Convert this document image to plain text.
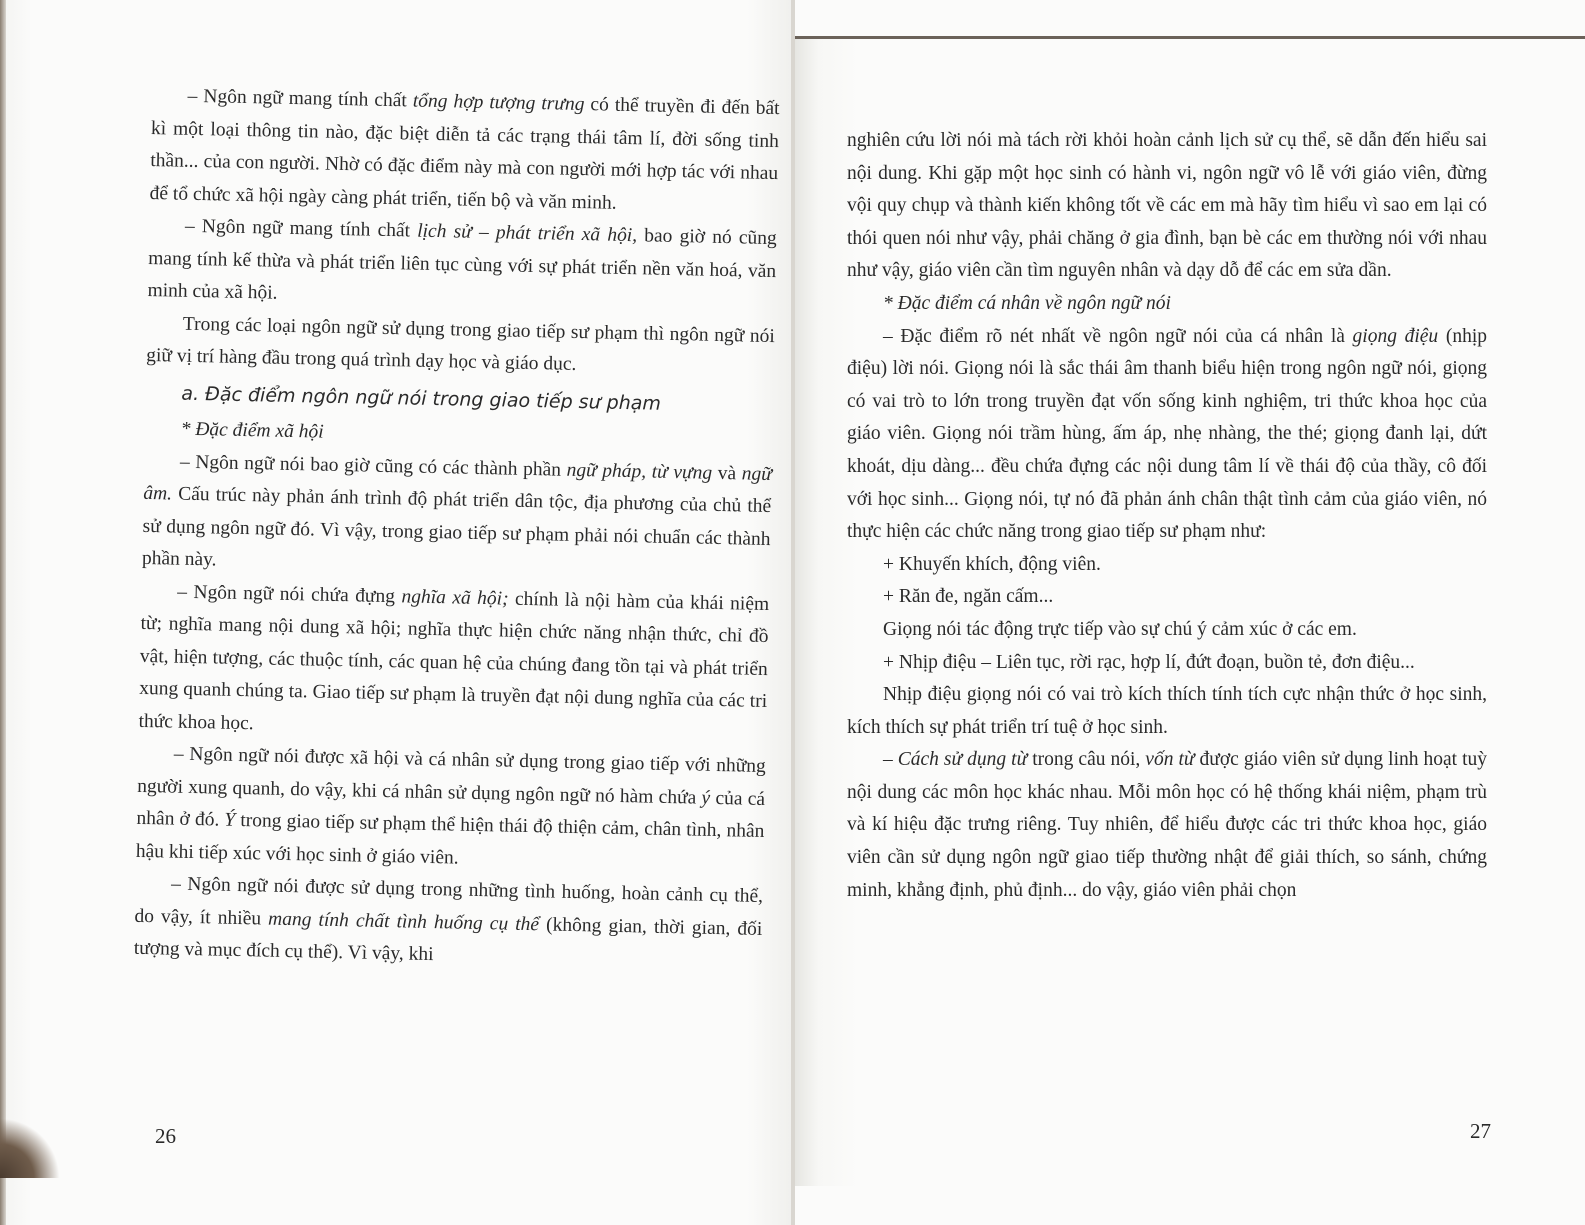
– Ngôn ngữ mang tính chất tổng hợp tượng trưng có thể truyền đi đến bất kì một loại thông tin nào, đặc biệt diễn tả các trạng thái tâm lí, đời sống tinh thần... của con người. Nhờ có đặc điểm này mà con người mới hợp tác với nhau để tổ chức xã hội ngày càng phát triển, tiến bộ và văn minh.

– Ngôn ngữ mang tính chất lịch sử – phát triển xã hội, bao giờ nó cũng mang tính kế thừa và phát triển liên tục cùng với sự phát triển nền văn hoá, văn minh của xã hội.

Trong các loại ngôn ngữ sử dụng trong giao tiếp sư phạm thì ngôn ngữ nói giữ vị trí hàng đầu trong quá trình dạy học và giáo dục.

a. Đặc điểm ngôn ngữ nói trong giao tiếp sư phạm

* Đặc điểm xã hội

– Ngôn ngữ nói bao giờ cũng có các thành phần ngữ pháp, từ vựng và ngữ âm. Cấu trúc này phản ánh trình độ phát triển dân tộc, địa phương của chủ thể sử dụng ngôn ngữ đó. Vì vậy, trong giao tiếp sư phạm phải nói chuẩn các thành phần này.

– Ngôn ngữ nói chứa đựng nghĩa xã hội; chính là nội hàm của khái niệm từ; nghĩa mang nội dung xã hội; nghĩa thực hiện chức năng nhận thức, chỉ đồ vật, hiện tượng, các thuộc tính, các quan hệ của chúng đang tồn tại và phát triển xung quanh chúng ta. Giao tiếp sư phạm là truyền đạt nội dung nghĩa của các tri thức khoa học.

– Ngôn ngữ nói được xã hội và cá nhân sử dụng trong giao tiếp với những người xung quanh, do vậy, khi cá nhân sử dụng ngôn ngữ nó hàm chứa ý của cá nhân ở đó. Ý trong giao tiếp sư phạm thể hiện thái độ thiện cảm, chân tình, nhân hậu khi tiếp xúc với học sinh ở giáo viên.

– Ngôn ngữ nói được sử dụng trong những tình huống, hoàn cảnh cụ thể, do vậy, ít nhiều mang tính chất tình huống cụ thể (không gian, thời gian, đối tượng và mục đích cụ thể). Vì vậy, khi

26

nghiên cứu lời nói mà tách rời khỏi hoàn cảnh lịch sử cụ thể, sẽ dẫn đến hiểu sai nội dung. Khi gặp một học sinh có hành vi, ngôn ngữ vô lễ với giáo viên, đừng vội quy chụp và thành kiến không tốt về các em mà hãy tìm hiểu vì sao em lại có thói quen nói như vậy, phải chăng ở gia đình, bạn bè các em thường nói với nhau như vậy, giáo viên cần tìm nguyên nhân và dạy dỗ để các em sửa dần.

* Đặc điểm cá nhân về ngôn ngữ nói

– Đặc điểm rõ nét nhất về ngôn ngữ nói của cá nhân là giọng điệu (nhịp điệu) lời nói. Giọng nói là sắc thái âm thanh biểu hiện trong ngôn ngữ nói, giọng có vai trò to lớn trong truyền đạt vốn sống kinh nghiệm, tri thức khoa học của giáo viên. Giọng nói trầm hùng, ấm áp, nhẹ nhàng, the thé; giọng đanh lại, dứt khoát, dịu dàng... đều chứa đựng các nội dung tâm lí về thái độ của thầy, cô đối với học sinh... Giọng nói, tự nó đã phản ánh chân thật tình cảm của giáo viên, nó thực hiện các chức năng trong giao tiếp sư phạm như:

+ Khuyến khích, động viên.

+ Răn đe, ngăn cấm...

Giọng nói tác động trực tiếp vào sự chú ý cảm xúc ở các em.

+ Nhịp điệu – Liên tục, rời rạc, hợp lí, đứt đoạn, buồn tẻ, đơn điệu...

Nhịp điệu giọng nói có vai trò kích thích tính tích cực nhận thức ở học sinh, kích thích sự phát triển trí tuệ ở học sinh.

– Cách sử dụng từ trong câu nói, vốn từ được giáo viên sử dụng linh hoạt tuỳ nội dung các môn học khác nhau. Mỗi môn học có hệ thống khái niệm, phạm trù và kí hiệu đặc trưng riêng. Tuy nhiên, để hiểu được các tri thức khoa học, giáo viên cần sử dụng ngôn ngữ giao tiếp thường nhật để giải thích, so sánh, chứng minh, khẳng định, phủ định... do vậy, giáo viên phải chọn

27
